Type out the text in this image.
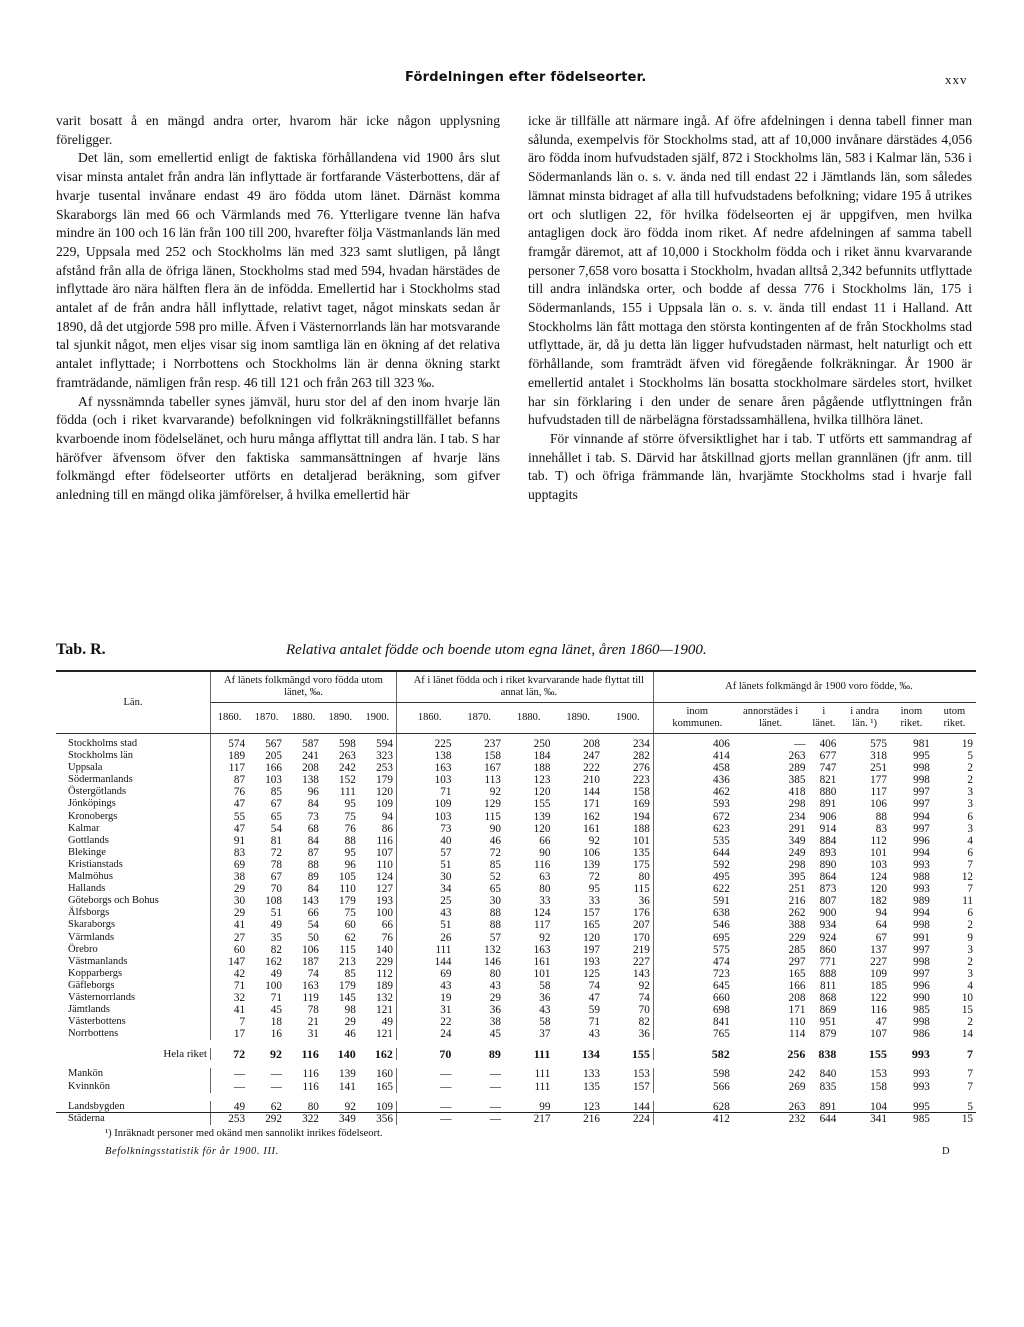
Fördelningen efter födelseorter.	xxv

varit bosatt å en mängd andra orter, hvarom här icke någon upplysning föreligger.

Det län, som emellertid enligt de faktiska förhållandena vid 1900 års slut visar minsta antalet från andra län inflyttade är fortfarande Västerbottens, där af hvarje tusental invånare endast 49 äro födda utom länet. Därnäst komma Skaraborgs län med 66 och Värmlands med 76. Ytterligare tvenne län hafva mindre än 100 och 16 län från 100 till 200, hvarefter följa Västmanlands län med 229, Uppsala med 252 och Stockholms län med 323 samt slutligen, på långt afstånd från alla de öfriga länen, Stockholms stad med 594, hvadan härstädes de inflyttade äro nära hälften flera än de infödda. Emellertid har i Stockholms stad antalet af de från andra håll inflyttade, relativt taget, något minskats sedan år 1890, då det utgjorde 598 pro mille. Äfven i Västernorrlands län har motsvarande tal sjunkit något, men eljes visar sig inom samtliga län en ökning af det relativa antalet inflyttade; i Norrbottens och Stockholms län är denna ökning starkt framträdande, nämligen från resp. 46 till 121 och från 263 till 323 ‰.

Af nyssnämnda tabeller synes jämväl, huru stor del af den inom hvarje län födda (och i riket kvarvarande) befolkningen vid folkräkningstillfället befanns kvarboende inom födelselänet, och huru många afflyttat till andra län. I tab. S har häröfver äfvensom öfver den faktiska sammansättningen af hvarje läns folkmängd efter födelseorter utförts en detaljerad beräkning, som gifver anledning till en mängd olika jämförelser, å hvilka emellertid här

icke är tillfälle att närmare ingå. Af öfre afdelningen i denna tabell finner man sålunda, exempelvis för Stockholms stad, att af 10,000 invånare därstädes 4,056 äro födda inom hufvudstaden själf, 872 i Stockholms län, 583 i Kalmar län, 536 i Södermanlands län o. s. v. ända ned till endast 22 i Jämtlands län, som således lämnat minsta bidraget af alla till hufvudstadens befolkning; vidare 195 å utrikes ort och slutligen 22, för hvilka födelseorten ej är uppgifven, men hvilka antagligen dock äro födda inom riket. Af nedre afdelningen af samma tabell framgår däremot, att af 10,000 i Stockholm födda och i riket ännu kvarvarande personer 7,658 voro bosatta i Stockholm, hvadan alltså 2,342 befunnits utflyttade till andra inländska orter, och bodde af dessa 776 i Stockholms län, 175 i Södermanlands, 155 i Uppsala län o. s. v. ända till endast 11 i Halland. Att Stockholms län fått mottaga den största kontingenten af de från Stockholms stad utflyttade, är, då ju detta län ligger hufvudstaden närmast, helt naturligt och ett förhållande, som framträdt äfven vid föregående folkräkningar. År 1900 är emellertid antalet i Stockholms län bosatta stockholmare särdeles stort, hvilket har sin förklaring i den under de senare åren pågående utflyttningen från hufvudstaden till de närbelägna förstadssamhällena, hvilka tillhöra länet.

För vinnande af större öfversiktlighet har i tab. T utförts ett sammandrag af innehållet i tab. S. Därvid har åtskillnad gjorts mellan grannlänen (jfr anm. till tab. T) och öfriga främmande län, hvarjämte Stockholms stad i hvarje fall upptagits

Tab. R.	Relativa antalet födde och boende utom egna länet, åren 1860—1900.
Län.	Af länets folkmängd voro födda utom länet, ‰.						Af i länet födda och i riket kvarvarande hade flyttat till annat län, ‰.						Af länets folkmängd år 1900 voro födde, ‰.					
	1860.	1870.	1880.	1890.	1900.		1860.	1870.	1880.	1890.	1900.		inom kommunen.	annorstädes i länet.	i länet.	i andra län. ¹)	inom riket.	utom riket.
Stockholms stad	574	567	587	598	594		225	237	250	208	234		406	—	406	575	981	19
Stockholms län	189	205	241	263	323		138	158	184	247	282		414	263	677	318	995	5
Uppsala	117	166	208	242	253		163	167	188	222	276		458	289	747	251	998	2
Södermanlands	87	103	138	152	179		103	113	123	210	223		436	385	821	177	998	2
Östergötlands	76	85	96	111	120		71	92	120	144	158		462	418	880	117	997	3
Jönköpings	47	67	84	95	109		109	129	155	171	169		593	298	891	106	997	3
Kronobergs	55	65	73	75	94		103	115	139	162	194		672	234	906	88	994	6
Kalmar	47	54	68	76	86		73	90	120	161	188		623	291	914	83	997	3
Gottlands	91	81	84	88	116		40	46	66	92	101		535	349	884	112	996	4
Blekinge	83	72	87	95	107		57	72	90	106	135		644	249	893	101	994	6
Kristianstads	69	78	88	96	110		51	85	116	139	175		592	298	890	103	993	7
Malmöhus	38	67	89	105	124		30	52	63	72	80		495	395	864	124	988	12
Hallands	29	70	84	110	127		34	65	80	95	115		622	251	873	120	993	7
Göteborgs och Bohus	30	108	143	179	193		25	30	33	33	36		591	216	807	182	989	11
Älfsborgs	29	51	66	75	100		43	88	124	157	176		638	262	900	94	994	6
Skaraborgs	41	49	54	60	66		51	88	117	165	207		546	388	934	64	998	2
Värmlands	27	35	50	62	76		26	57	92	120	170		695	229	924	67	991	9
Örebro	60	82	106	115	140		111	132	163	197	219		575	285	860	137	997	3
Västmanlands	147	162	187	213	229		144	146	161	193	227		474	297	771	227	998	2
Kopparbergs	42	49	74	85	112		69	80	101	125	143		723	165	888	109	997	3
Gäfleborgs	71	100	163	179	189		43	43	58	74	92		645	166	811	185	996	4
Västernorrlands	32	71	119	145	132		19	29	36	47	74		660	208	868	122	990	10
Jämtlands	41	45	78	98	121		31	36	43	59	70		698	171	869	116	985	15
Västerbottens	7	18	21	29	49		22	38	58	71	82		841	110	951	47	998	2
Norrbottens	17	16	31	46	121		24	45	37	43	36		765	114	879	107	986	14

Hela riket	72	92	116	140	162		70	89	111	134	155		582	256	838	155	993	7

Mankön	—	—	116	139	160		—	—	111	133	153		598	242	840	153	993	7
Kvinnkön	—	—	116	141	165		—	—	111	135	157		566	269	835	158	993	7

Landsbygden	49	62	80	92	109		—	—	99	123	144		628	263	891	104	995	5
Städerna	253	292	322	349	356		—	—	217	216	224		412	232	644	341	985	15
¹) Inräknadt personer med okänd men sannolikt inrikes födelseort.
Befolkningsstatistik för år 1900. III.	D
